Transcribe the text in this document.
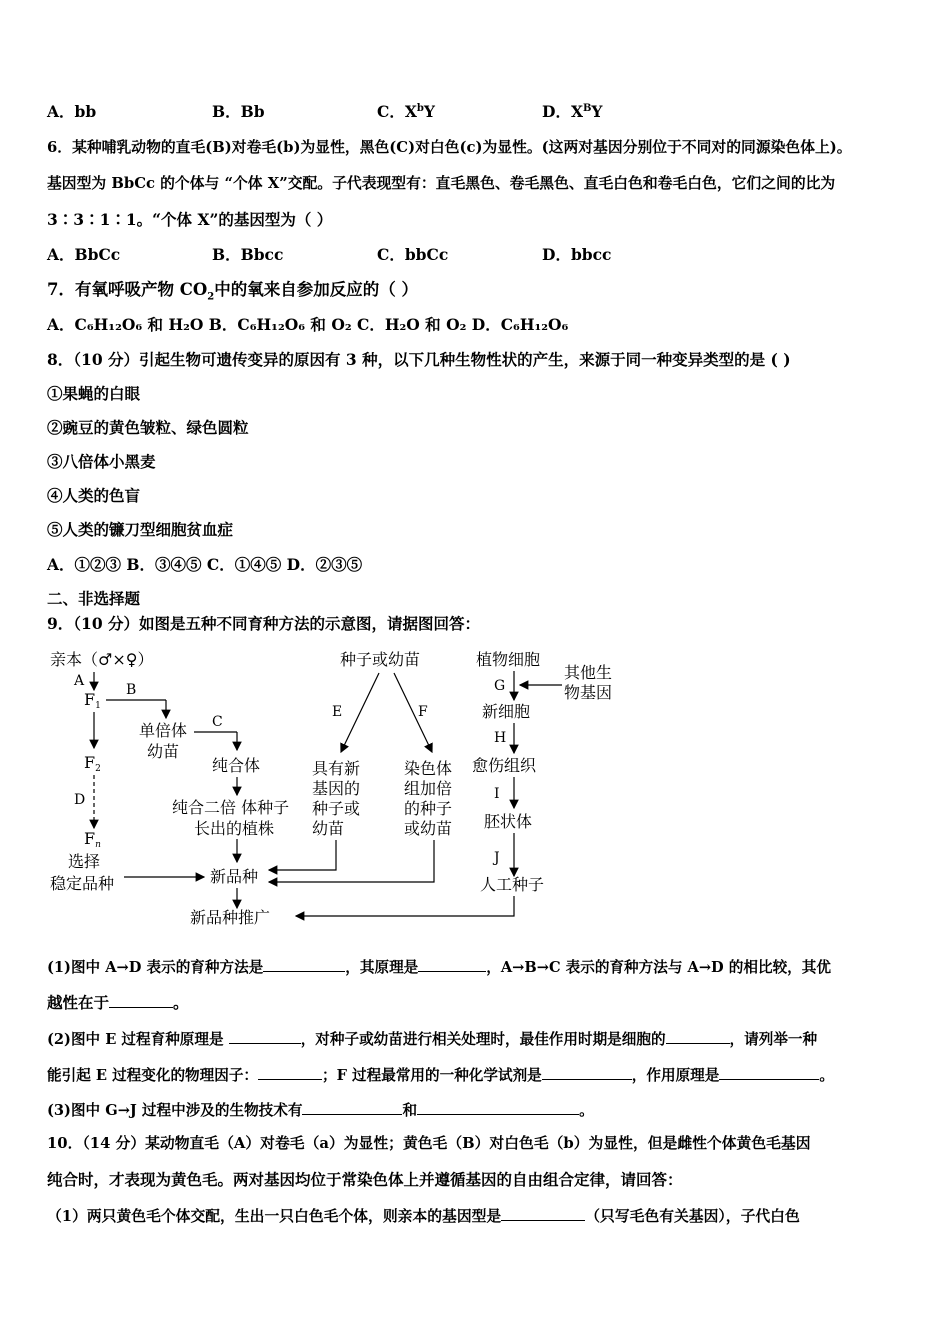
A．bb	B．Bb	C．$X^bY$	D．$X^BY$
6．某种哺乳动物的直毛(B)对卷毛(b)为显性，黑色(C)对白色(c)为显性。(这两对基因分别位于不同对的同源染色体上)。
基因型为 BbCc 的个体与 “个体 X”交配。子代表现型有：直毛黑色、卷毛黑色、直毛白色和卷毛白色，它们之间的比为
3∶3∶1∶1。“个体 X”的基因型为（ ）
A．BbCc	B．Bbcc	C．bbCc	D．bbcc
7．有氧呼吸产物 $CO_2$中的氧来自参加反应的（ ）
A．C₆H₁₂O₆ 和 H₂O B．C₆H₁₂O₆ 和 O₂ C．H₂O 和 O₂ D．C₆H₁₂O₆
8．（10 分）引起生物可遗传变异的原因有 3 种，以下几种生物性状的产生，来源于同一种变异类型的是 ( )
①果蝇的白眼
②豌豆的黄色皱粒、绿色圆粒
③八倍体小黑麦
④人类的色盲
⑤人类的镰刀型细胞贫血症
A．①②③ B．③④⑤ C．①④⑤ D．②③⑤
二、非选择题
9．（10 分）如图是五种不同育种方法的示意图，请据图回答：
亲本（♂×♀）
A
F1
B
F2
D
Fn
选择
稳定品种
单倍体
幼苗
C
纯合体
纯合二倍 体种子
长出的植株
新品种
新品种推广
种子或幼苗
E	F
具有新
基因的
种子或
幼苗
染色体
组加倍
的种子
或幼苗
植物细胞
其他生
物基因
G
新细胞
H
愈伤组织
I
胚状体
J
人工种子
(1)图中 A→D 表示的育种方法是	，其原理是	，A→B→C 表示的育种方法与 A→D 的相比较，其优
越性在于	。
(2)图中 E 过程育种原理是	，对种子或幼苗进行相关处理时，最佳作用时期是细胞的	，请列举一种
能引起 E 过程变化的物理因子：	；F 过程最常用的一种化学试剂是	，作用原理是	。
(3)图中 G→J 过程中涉及的生物技术有	和	。
10．（14 分）某动物直毛（A）对卷毛（a）为显性；黄色毛（B）对白色毛（b）为显性，但是雌性个体黄色毛基因
纯合时，才表现为黄色毛。两对基因均位于常染色体上并遵循基因的自由组合定律，请回答：
（1）两只黄色毛个体交配，生出一只白色毛个体，则亲本的基因型是	（只写毛色有关基因），子代白色
